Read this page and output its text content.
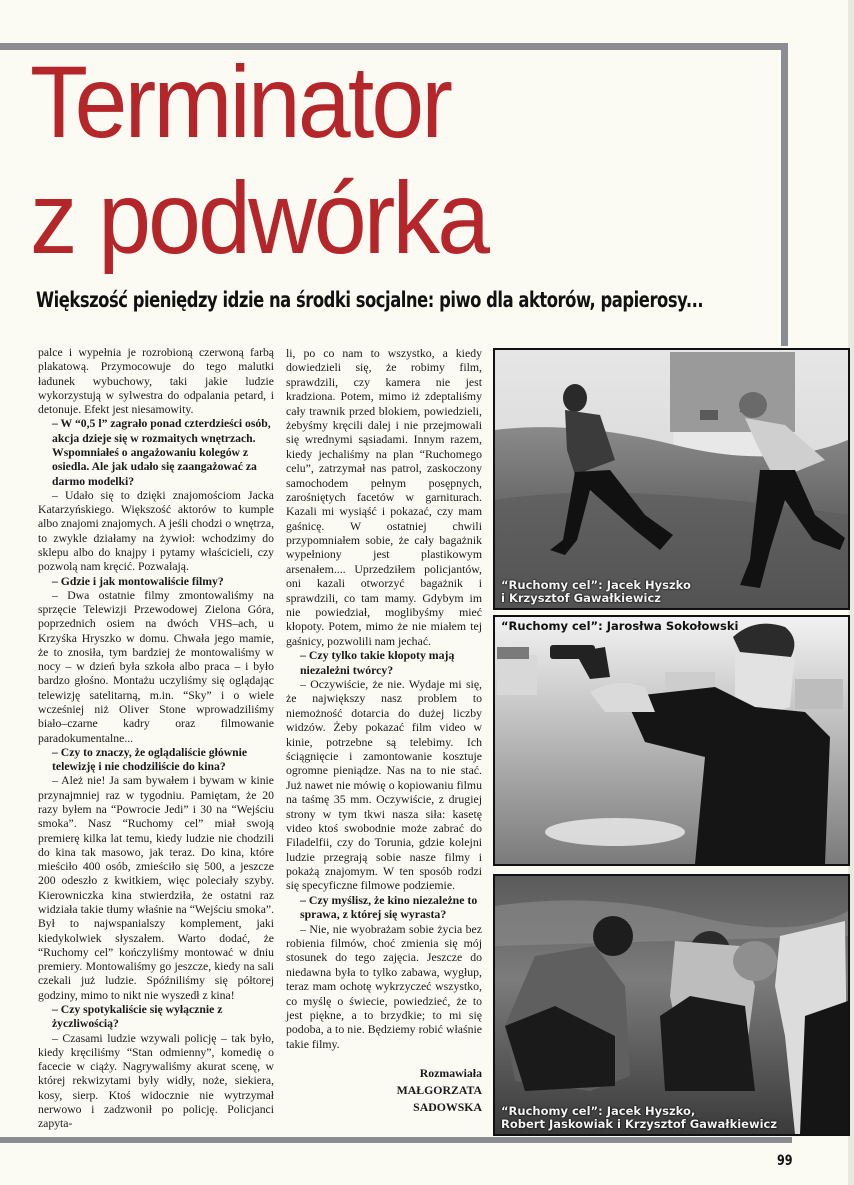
Terminator
z podwórka
Większość pieniędzy idzie na środki socjalne: piwo dla aktorów, papierosy...

palce i wypełnia je rozrobioną czerwoną farbą plakatową. Przymocowuje do tego malutki ładunek wybuchowy, taki jakie ludzie wykorzystują w sylwestra do odpalania petard, i detonuje. Efekt jest niesamowity.

– W “0,5 l” zagrało ponad czterdzieści osób, akcja dzieje się w rozmaitych wnętrzach. Wspomniałeś o angażowaniu kolegów z osiedla. Ale jak udało się zaangażować za darmo modelki?

– Udało się to dzięki znajomościom Jacka Katarzyńskiego. Większość aktorów to kumple albo znajomi znajomych. A jeśli chodzi o wnętrza, to zwykle działamy na żywioł: wchodzimy do sklepu albo do knajpy i pytamy właścicieli, czy pozwolą nam kręcić. Pozwalają.

– Gdzie i jak montowaliście filmy?

– Dwa ostatnie filmy zmontowaliśmy na sprzęcie Telewizji Przewodowej Zielona Góra, poprzednich osiem na dwóch VHS–ach, u Krzyśka Hryszko w domu. Chwała jego mamie, że to znosiła, tym bardziej że montowaliśmy w nocy – w dzień była szkoła albo praca – i było bardzo głośno. Montażu uczyliśmy się oglądając telewizję satelitarną, m.in. “Sky” i o wiele wcześniej niż Oliver Stone wprowadziliśmy biało–czarne kadry oraz filmowanie paradokumentalne...

– Czy to znaczy, że oglądaliście głównie telewizję i nie chodziliście do kina?

– Ależ nie! Ja sam bywałem i bywam w kinie przynajmniej raz w tygodniu. Pamiętam, że 20 razy byłem na “Powrocie Jedi” i 30 na “Wejściu smoka”. Nasz “Ruchomy cel” miał swoją premierę kilka lat temu, kiedy ludzie nie chodzili do kina tak masowo, jak teraz. Do kina, które mieściło 400 osób, zmieściło się 500, a jeszcze 200 odeszło z kwitkiem, więc poleciały szyby. Kierowniczka kina stwierdziła, że ostatni raz widziała takie tłumy właśnie na “Wejściu smoka”. Był to najwspanialszy komplement, jaki kiedykolwiek słyszałem. Warto dodać, że “Ruchomy cel” kończyliśmy montować w dniu premiery. Montowaliśmy go jeszcze, kiedy na sali czekali już ludzie. Spóźniliśmy się półtorej godziny, mimo to nikt nie wyszedł z kina!

– Czy spotykaliście się wyłącznie z życzliwością?

– Czasami ludzie wzywali policję – tak było, kiedy kręciliśmy “Stan odmienny”, komedię o facecie w ciąży. Nagrywaliśmy akurat scenę, w której rekwizytami były widły, noże, siekiera, kosy, sierp. Ktoś widocznie nie wytrzymał nerwowo i zadzwonił po policję. Policjanci zapyta-

li, po co nam to wszystko, a kiedy dowiedzieli się, że robimy film, sprawdzili, czy kamera nie jest kradziona. Potem, mimo iż zdeptaliśmy cały trawnik przed blokiem, powiedzieli, żebyśmy kręcili dalej i nie przejmowali się wrednymi sąsiadami. Innym razem, kiedy jechaliśmy na plan “Ruchomego celu”, zatrzymał nas patrol, zaskoczony samochodem pełnym posępnych, zarośniętych facetów w garniturach. Kazali mi wysiąść i pokazać, czy mam gaśnicę. W ostatniej chwili przypomniałem sobie, że cały bagażnik wypełniony jest plastikowym arsenałem.... Uprzedziłem policjantów, oni kazali otworzyć bagażnik i sprawdzili, co tam mamy. Gdybym im nie powiedział, moglibyśmy mieć kłopoty. Potem, mimo że nie miałem tej gaśnicy, pozwolili nam jechać.

– Czy tylko takie kłopoty mają niezależni twórcy?

– Oczywiście, że nie. Wydaje mi się, że największy nasz problem to niemożność dotarcia do dużej liczby widzów. Żeby pokazać film video w kinie, potrzebne są telebimy. Ich ściągnięcie i zamontowanie kosztuje ogromne pieniądze. Nas na to nie stać. Już nawet nie mówię o kopiowaniu filmu na taśmę 35 mm. Oczywiście, z drugiej strony w tym tkwi nasza siła: kasetę video ktoś swobodnie może zabrać do Filadelfii, czy do Torunia, gdzie kolejni ludzie przegrają sobie nasze filmy i pokażą znajomym. W ten sposób rodzi się specyficzne filmowe podziemie.

– Czy myślisz, że kino niezależne to sprawa, z której się wyrasta?

– Nie, nie wyobrażam sobie życia bez robienia filmów, choć zmienia się mój stosunek do tego zajęcia. Jeszcze do niedawna była to tylko zabawa, wygłup, teraz mam ochotę wykrzyczeć wszystko, co myślę o świecie, powiedzieć, że to jest piękne, a to brzydkie; to mi się podoba, a to nie. Będziemy robić właśnie takie filmy.

Rozmawiała
MAŁGORZATA
SADOWSKA
“Ruchomy cel”: Jacek Hyszko
i Krzysztof Gawałkiewicz
“Ruchomy cel”: Jarosłwa Sokołowski
“Ruchomy cel”: Jacek Hyszko,
Robert Jaskowiak i Krzysztof Gawałkiewicz
99
